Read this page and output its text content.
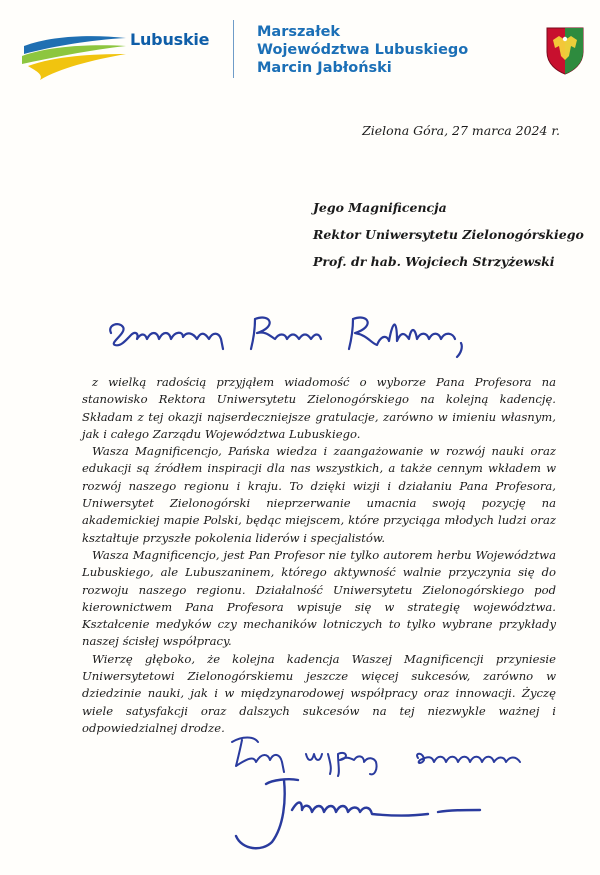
Lubuskie	Marszałek
Województwa Lubuskiego
Marcin Jabłoński
Zielona Góra, 27 marca 2024 r.
Jego Magnificencja
Rektor Uniwersytetu Zielonogórskiego
Prof. dr hab. Wojciech Strzyżewski
Szanowny Panie Rektorze,

z wielką radością przyjąłem wiadomość o wyborze Pana Profesora na stanowisko Rektora Uniwersytetu Zielonogórskiego na kolejną kadencję. Składam z tej okazji najserdeczniejsze gratulacje, zarówno w imieniu własnym, jak i całego Zarządu Województwa Lubuskiego.

Wasza Magnificencjo, Pańska wiedza i zaangażowanie w rozwój nauki oraz edukacji są źródłem inspiracji dla nas wszystkich, a także cennym wkładem w rozwój naszego regionu i kraju. To dzięki wizji i działaniu Pana Profesora, Uniwersytet Zielonogórski nieprzerwanie umacnia swoją pozycję na akademickiej mapie Polski, będąc miejscem, które przyciąga młodych ludzi oraz kształtuje przyszłe pokolenia liderów i specjalistów.

Wasza Magnificencjo, jest Pan Profesor nie tylko autorem herbu Województwa Lubuskiego, ale Lubuszaninem, którego aktywność walnie przyczynia się do rozwoju naszego regionu. Działalność Uniwersytetu Zielonogórskiego pod kierownictwem Pana Profesora wpisuje się w strategię województwa. Kształcenie medyków czy mechaników lotniczych to tylko wybrane przykłady naszej ścisłej współpracy.

Wierzę głęboko, że kolejna kadencja Waszej Magnificencji przyniesie Uniwersytetowi Zielonogórskiemu jeszcze więcej sukcesów, zarówno w dziedzinie nauki, jak i w międzynarodowej współpracy oraz innowacji. Życzę wiele satysfakcji oraz dalszych sukcesów na tej niezwykle ważnej i odpowiedzialnej drodze.

Proszę przyjąć wyrazy szacunku
